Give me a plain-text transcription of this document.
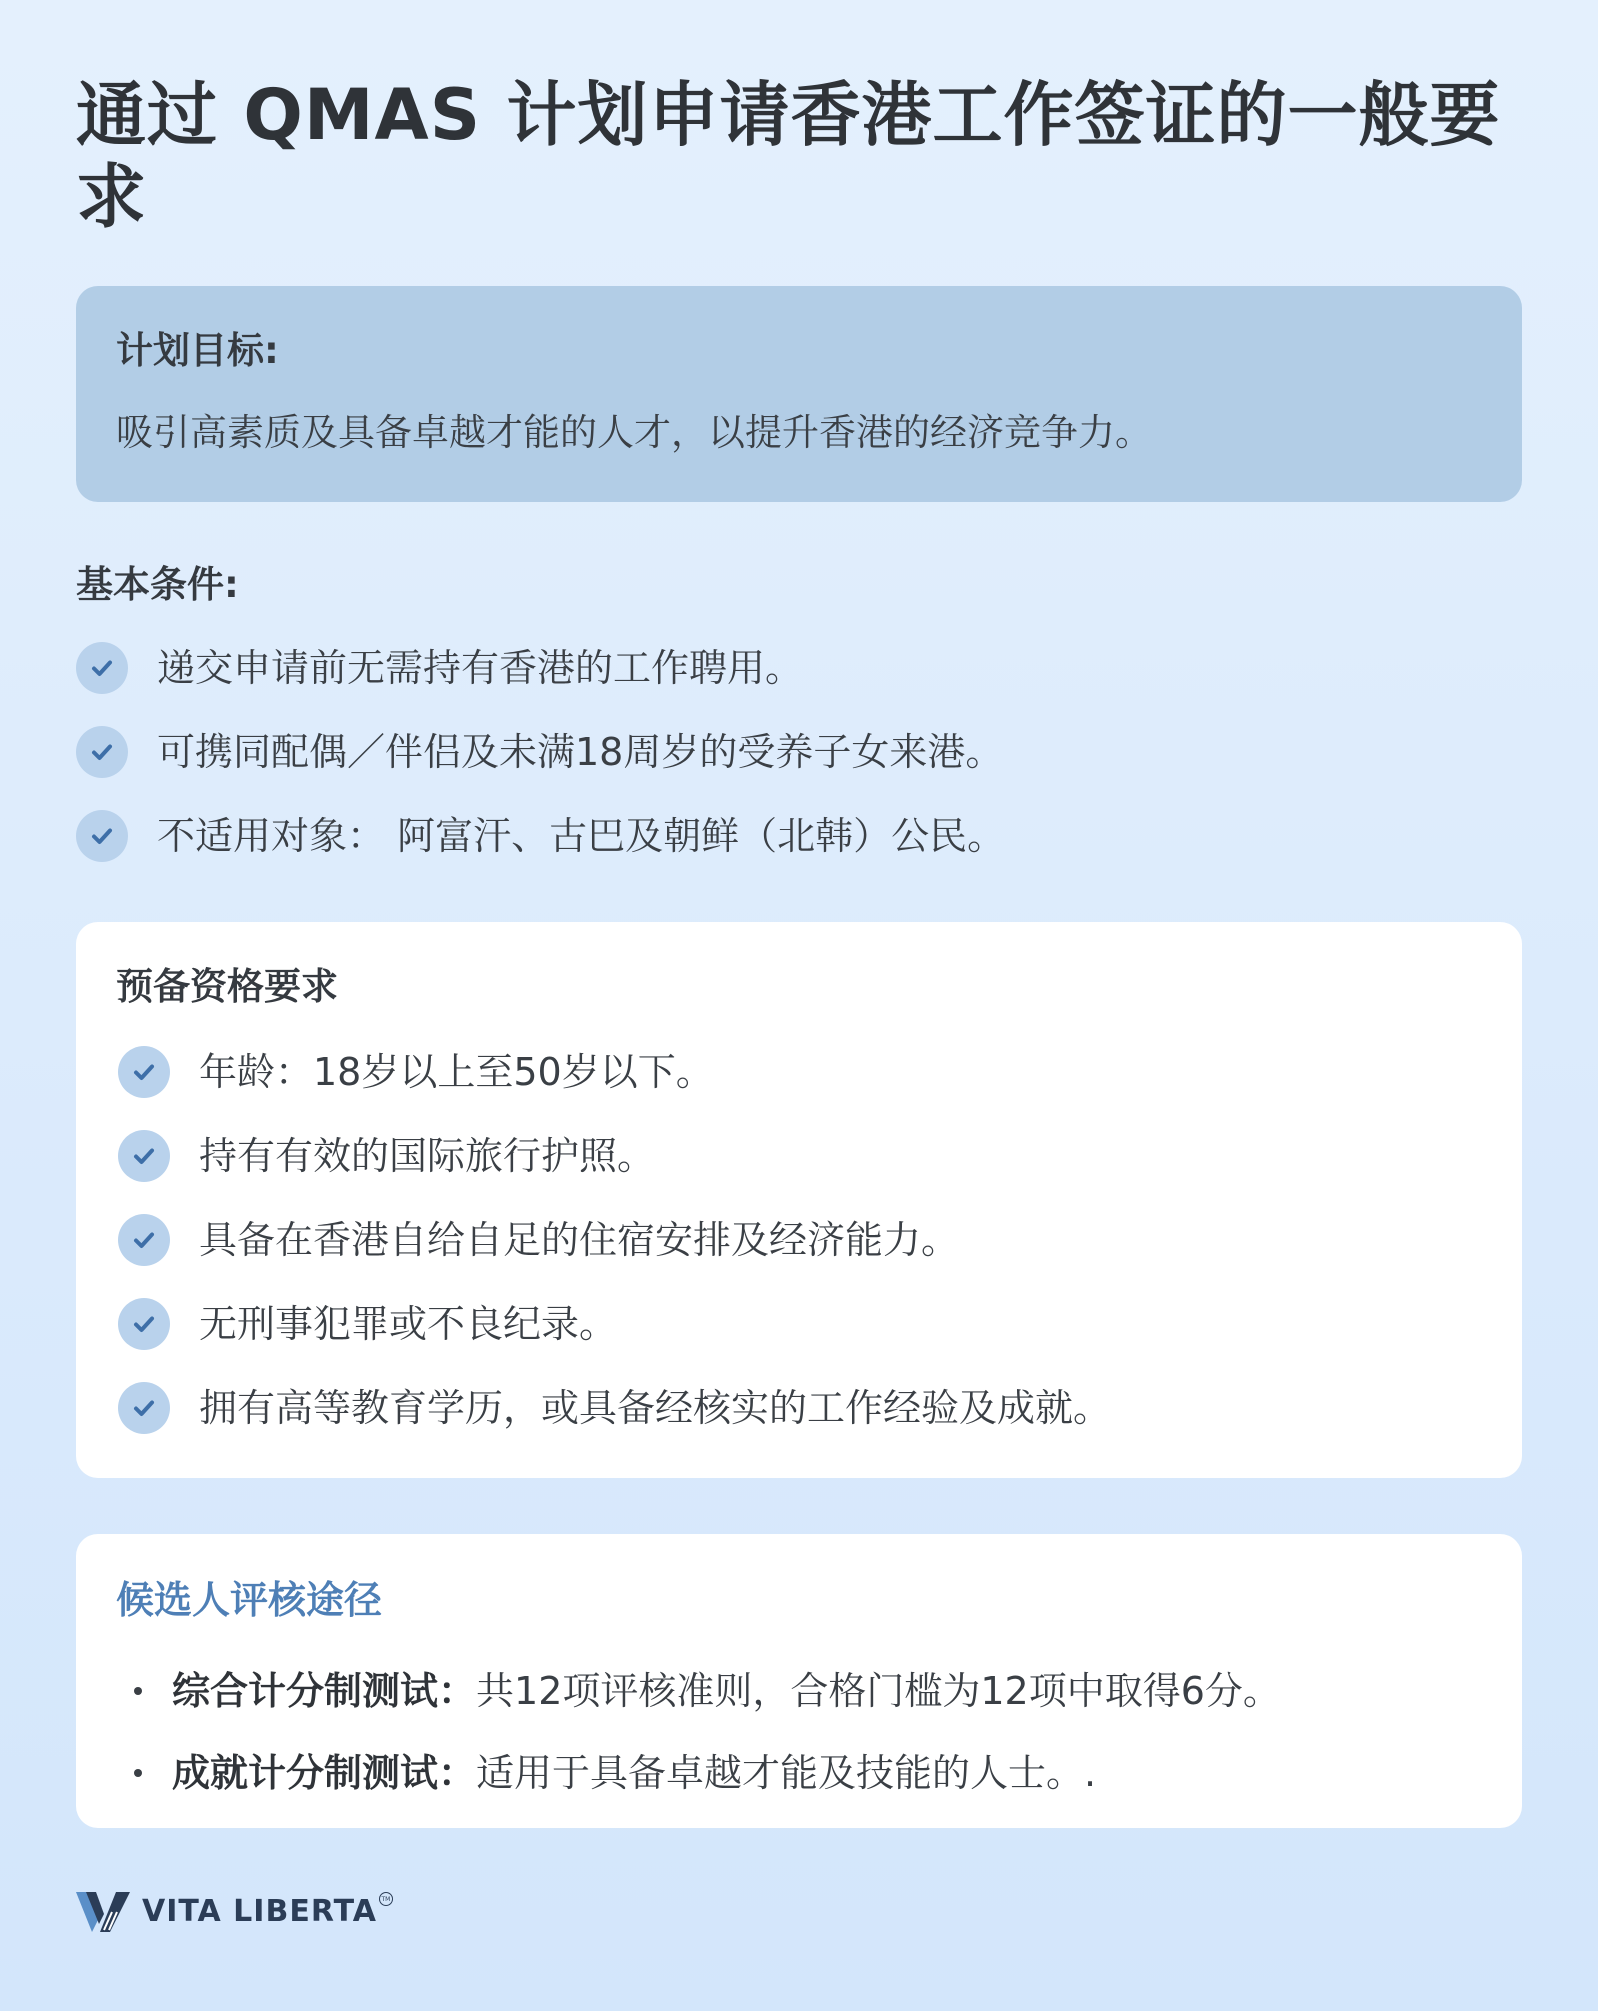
通过 QMAS 计划申请香港工作签证的一般要求
计划目标:
吸引高素质及具备卓越才能的人才，以提升香港的经济竞争力。
基本条件:
递交申请前无需持有香港的工作聘用。
可携同配偶／伴侣及未满18周岁的受养子女来港。
不适用对象： 阿富汗、古巴及朝鲜（北韩）公民。
预备资格要求
年龄：18岁以上至50岁以下。
持有有效的国际旅行护照。
具备在香港自给自足的住宿安排及经济能力。
无刑事犯罪或不良纪录。
拥有高等教育学历，或具备经核实的工作经验及成就。
候选人评核途径
综合计分制测试： 共12项评核准则，合格门槛为12项中取得6分。
成就计分制测试： 适用于具备卓越才能及技能的人士。.
VITA LIBERTA TM
